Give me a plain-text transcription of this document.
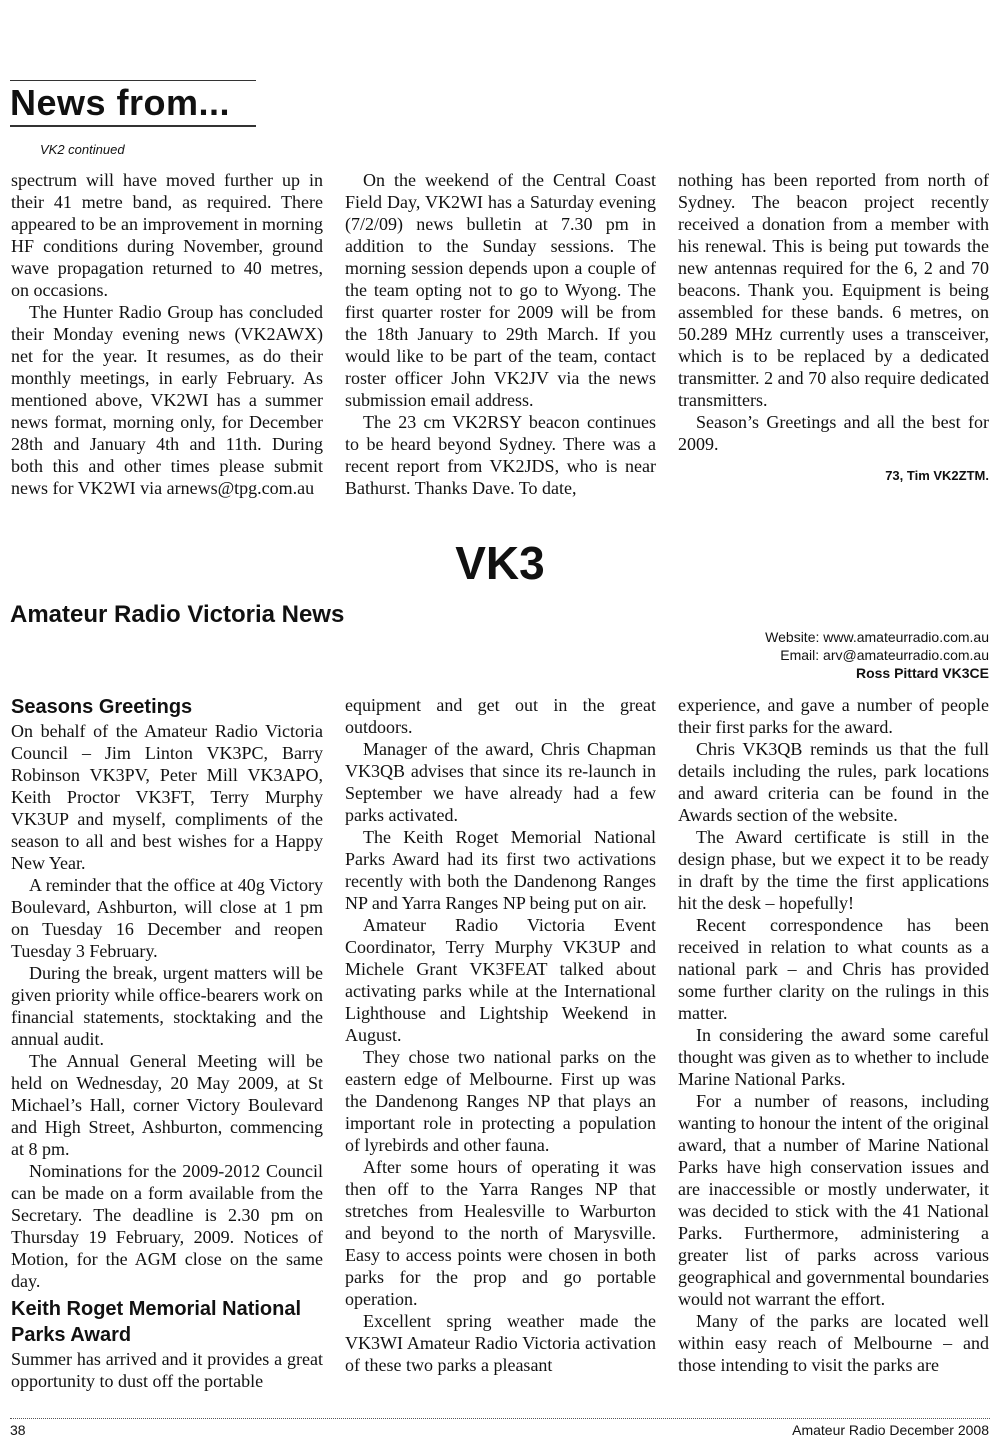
News from...
VK2 continued

spectrum will have moved further up in their 41 metre band, as required. There appeared to be an improvement in morning HF conditions during November, ground wave propagation returned to 40 metres, on occasions.

The Hunter Radio Group has concluded their Monday evening news (VK2AWX) net for the year. It resumes, as do their monthly meetings, in early February. As mentioned above, VK2WI has a summer news format, morning only, for December 28th and January 4th and 11th. During both this and other times please submit news for VK2WI via arnews@tpg.com.au

On the weekend of the Central Coast Field Day, VK2WI has a Saturday evening (7/2/09) news bulletin at 7.30 pm in addition to the Sunday sessions. The morning session depends upon a couple of the team opting not to go to Wyong. The first quarter roster for 2009 will be from the 18th January to 29th March. If you would like to be part of the team, contact roster officer John VK2JV via the news submission email address.

The 23 cm VK2RSY beacon continues to be heard beyond Sydney. There was a recent report from VK2JDS, who is near Bathurst. Thanks Dave. To date,

nothing has been reported from north of Sydney. The beacon project recently received a donation from a member with his renewal. This is being put towards the new antennas required for the 6, 2 and 70 beacons. Thank you. Equipment is being assembled for these bands. 6 metres, on 50.289 MHz currently uses a transceiver, which is to be replaced by a dedicated transmitter. 2 and 70 also require dedicated transmitters.

Season’s Greetings and all the best for 2009.

73, Tim VK2ZTM.
VK3
Amateur Radio Victoria News
Website: www.amateurradio.com.au
Email: arv@amateurradio.com.au
Ross Pittard VK3CE
Seasons Greetings

On behalf of the Amateur Radio Victoria Council – Jim Linton VK3PC, Barry Robinson VK3PV, Peter Mill VK3APO, Keith Proctor VK3FT, Terry Murphy VK3UP and myself, compliments of the season to all and best wishes for a Happy New Year.

A reminder that the office at 40g Victory Boulevard, Ashburton, will close at 1 pm on Tuesday 16 December and reopen Tuesday 3 February.

During the break, urgent matters will be given priority while office-bearers work on financial statements, stocktaking and the annual audit.

The Annual General Meeting will be held on Wednesday, 20 May 2009, at St Michael’s Hall, corner Victory Boulevard and High Street, Ashburton, commencing at 8 pm.

Nominations for the 2009-2012 Council can be made on a form available from the Secretary. The deadline is 2.30 pm on Thursday 19 February, 2009. Notices of Motion, for the AGM close on the same day.

Keith Roget Memorial National Parks Award

Summer has arrived and it provides a great opportunity to dust off the portable

equipment and get out in the great outdoors.

Manager of the award, Chris Chapman VK3QB advises that since its re-launch in September we have already had a few parks activated.

The Keith Roget Memorial National Parks Award had its first two activations recently with both the Dandenong Ranges NP and Yarra Ranges NP being put on air.

Amateur Radio Victoria Event Coordinator, Terry Murphy VK3UP and Michele Grant VK3FEAT talked about activating parks while at the International Lighthouse and Lightship Weekend in August.

They chose two national parks on the eastern edge of Melbourne. First up was the Dandenong Ranges NP that plays an important role in protecting a population of lyrebirds and other fauna.

After some hours of operating it was then off to the Yarra Ranges NP that stretches from Healesville to Warburton and beyond to the north of Marysville. Easy to access points were chosen in both parks for the prop and go portable operation.

Excellent spring weather made the VK3WI Amateur Radio Victoria activation of these two parks a pleasant

experience, and gave a number of people their first parks for the award.

Chris VK3QB reminds us that the full details including the rules, park locations and award criteria can be found in the Awards section of the website.

The Award certificate is still in the design phase, but we expect it to be ready in draft by the time the first applications hit the desk – hopefully!

Recent correspondence has been received in relation to what counts as a national park – and Chris has provided some further clarity on the rulings in this matter.

In considering the award some careful thought was given as to whether to include Marine National Parks.

For a number of reasons, including wanting to honour the intent of the original award, that a number of Marine National Parks have high conservation issues and are inaccessible or mostly underwater, it was decided to stick with the 41 National Parks. Furthermore, administering a greater list of parks across various geographical and governmental boundaries would not warrant the effort.

Many of the parks are located well within easy reach of Melbourne – and those intending to visit the parks are

38	Amateur Radio December 2008
